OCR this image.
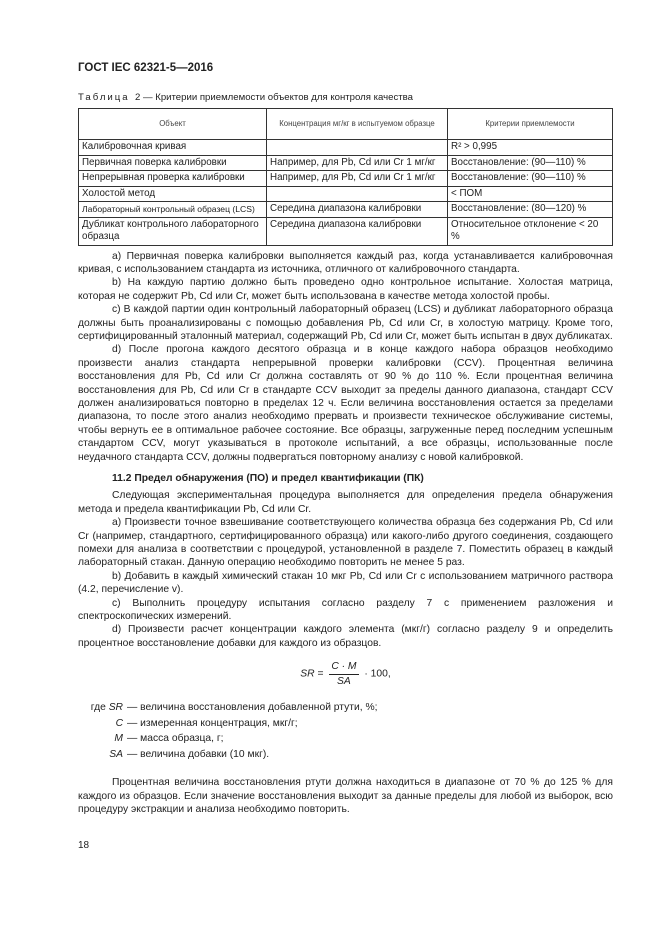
ГОСТ IEC 62321-5—2016
Таблица 2 — Критерии приемлемости объектов для контроля качества
Объект	Концентрация мг/кг в испытуемом образце	Критерии приемлемости
Калибровочная кривая		R² > 0,995
Первичная поверка калибровки	Например, для Pb, Cd или Cr 1 мг/кг	Восстановление: (90—110) %
Непрерывная проверка калибровки	Например, для Pb, Cd или Cr 1 мг/кг	Восстановление: (90—110) %
Холостой метод		< ПОМ
Лабораторный контрольный образец (LCS)	Середина диапазона калибровки	Восстановление: (80—120) %
Дубликат контрольного лабораторного образца	Середина диапазона калибровки	Относительное отклонение < 20 %

a) Первичная поверка калибровки выполняется каждый раз, когда устанавливается калибровочная кривая, с использованием стандарта из источника, отличного от калибровочного стандарта.

b) На каждую партию должно быть проведено одно контрольное испытание. Холостая матрица, которая не содержит Pb, Cd или Cr, может быть использована в качестве метода холостой пробы.

c) В каждой партии один контрольный лабораторный образец (LCS) и дубликат лабораторного образца должны быть проанализированы с помощью добавления Pb, Cd или Cr, в холостую матрицу. Кроме того, сертифицированный эталонный материал, содержащий Pb, Cd или Cr, может быть испытан в двух дубликатах.

d) После прогона каждого десятого образца и в конце каждого набора образцов необходимо произвести анализ стандарта непрерывной проверки калибровки (CCV). Процентная величина восстановления для Pb, Cd или Cr должна составлять от 90 % до 110 %. Если процентная величина восстановления для Pb, Cd или Cr в стандарте CCV выходит за пределы данного диапазона, стандарт CCV должен анализироваться повторно в пределах 12 ч. Если величина восстановления остается за пределами диапазона, то после этого анализ необходимо прервать и произвести техническое обслуживание системы, чтобы вернуть ее в оптимальное рабочее состояние. Все образцы, загруженные перед последним успешным стандартом CCV, могут указываться в протоколе испытаний, а все образцы, использованные после неудачного стандарта CCV, должны подвергаться повторному анализу с новой калибровкой.

11.2 Предел обнаружения (ПО) и предел квантификации (ПК)

Следующая экспериментальная процедура выполняется для определения предела обнаружения метода и предела квантификации Pb, Cd или Cr.

a) Произвести точное взвешивание соответствующего количества образца без содержания Pb, Cd или Cr (например, стандартного, сертифицированного образца) или какого-либо другого соединения, создающего помехи для анализа в соответствии с процедурой, установленной в разделе 7. Поместить образец в каждый лабораторный стакан. Данную операцию необходимо повторить не менее 5 раз.

b) Добавить в каждый химический стакан 10 мкг Pb, Cd или Cr с использованием матричного раствора (4.2, перечисление v).

c) Выполнить процедуру испытания согласно разделу 7 с применением разложения и спектроскопических измерений.

d) Произвести расчет концентрации каждого элемента (мкг/г) согласно разделу 9 и определить процентное восстановление добавки для каждого из образцов.

SR = $\frac{C \cdot M}{SA} \cdot 100$,
где SR — величина восстановления добавленной ртути, %;
C — измеренная концентрация, мкг/г;
M — масса образца, г;
SA — величина добавки (10 мкг).

Процентная величина восстановления ртути должна находиться в диапазоне от 70 % до 125 % для каждого из образцов. Если значение восстановления выходит за данные пределы для любой из выборок, всю процедуру экстракции и анализа необходимо повторить.

18
